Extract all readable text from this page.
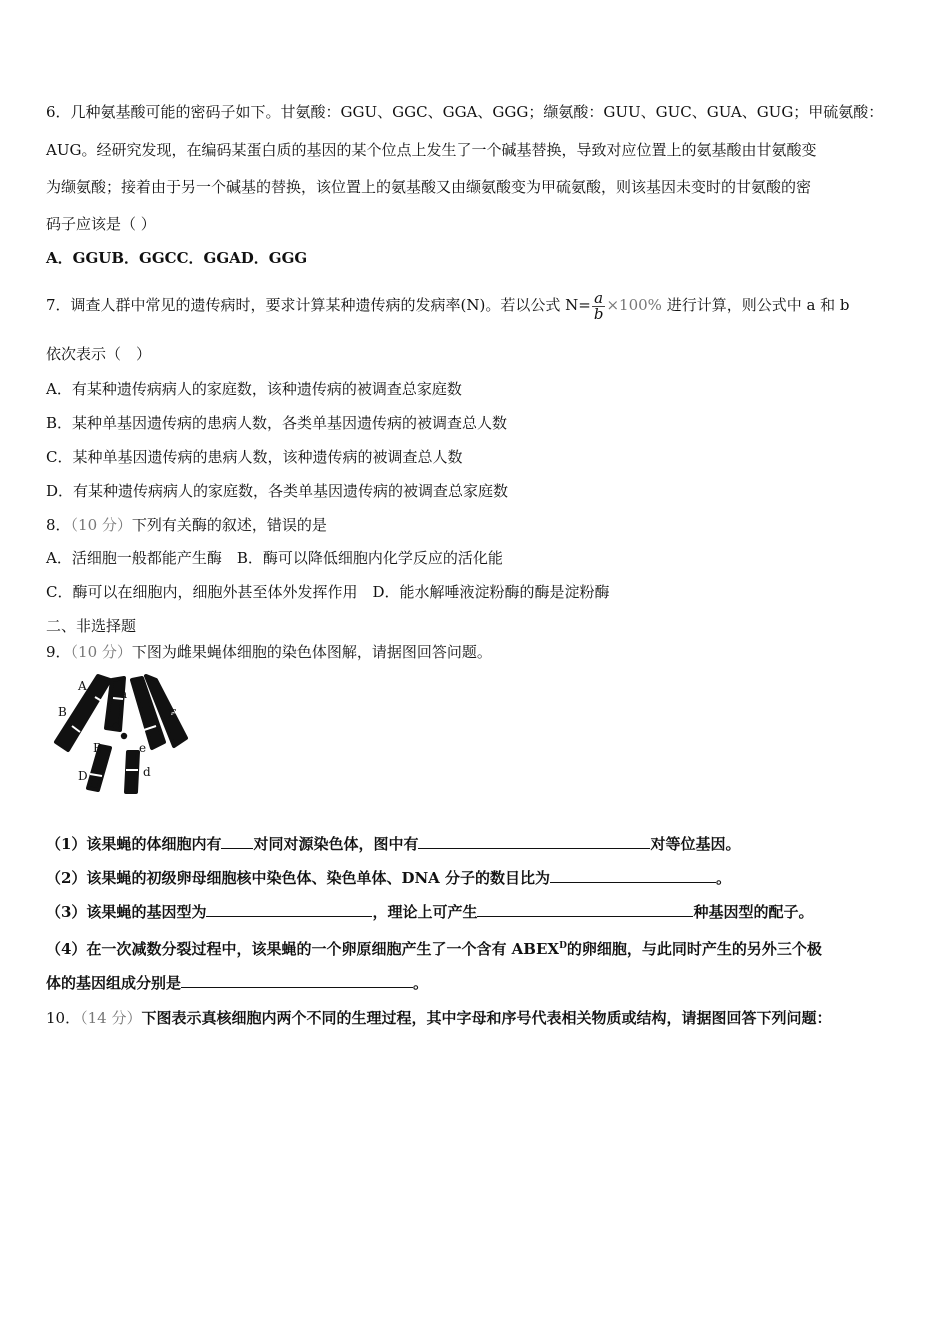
6．几种氨基酸可能的密码子如下。甘氨酸：GGU、GGC、GGA、GGG；缬氨酸：GUU、GUC、GUA、GUG；甲硫氨酸：
AUG。经研究发现，在编码某蛋白质的基因的某个位点上发生了一个碱基替换，导致对应位置上的氨基酸由甘氨酸变
为缬氨酸；接着由于另一个碱基的替换，该位置上的氨基酸又由缬氨酸变为甲硫氨酸，则该基因未变时的甘氨酸的密
码子应该是（ ）
A．GGUB．GGCC．GGAD．GGG
7．调查人群中常见的遗传病时，要求计算某种遗传病的发病率(N)。若以公式 $N= \frac{a}{b} \times 100\%$ 进行计算，则公式中 a 和 b
依次表示（　）
A．有某种遗传病病人的家庭数，该种遗传病的被调查总家庭数
B．某种单基因遗传病的患病人数，各类单基因遗传病的被调查总人数
C．某种单基因遗传病的患病人数，该种遗传病的被调查总人数
D．有某种遗传病病人的家庭数，各类单基因遗传病的被调查总家庭数
8．（10 分）下列有关酶的叙述，错误的是
A．活细胞一般都能产生酶　B．酶可以降低细胞内化学反应的活化能
C．酶可以在细胞内，细胞外甚至体外发挥作用　D．能水解唾液淀粉酶的酶是淀粉酶
二、非选择题
9．（10 分）下图为雌果蝇体细胞的染色体图解，请据图回答问题。
A
a
B	E
B	e
D	d
（1）该果蝇的体细胞内有 对同对源染色体，图中有	对等位基因。
（2）该果蝇的初级卵母细胞核中染色体、染色单体、DNA 分子的数目比为	。
（3）该果蝇的基因型为	，理论上可产生	种基因型的配子。
（4）在一次减数分裂过程中，该果蝇的一个卵原细胞产生了一个含有 $ABEX^D$的卵细胞，与此同时产生的另外三个极
体的基因组成分别是	。
10．（14 分）下图表示真核细胞内两个不同的生理过程，其中字母和序号代表相关物质或结构，请据图回答下列问题：
